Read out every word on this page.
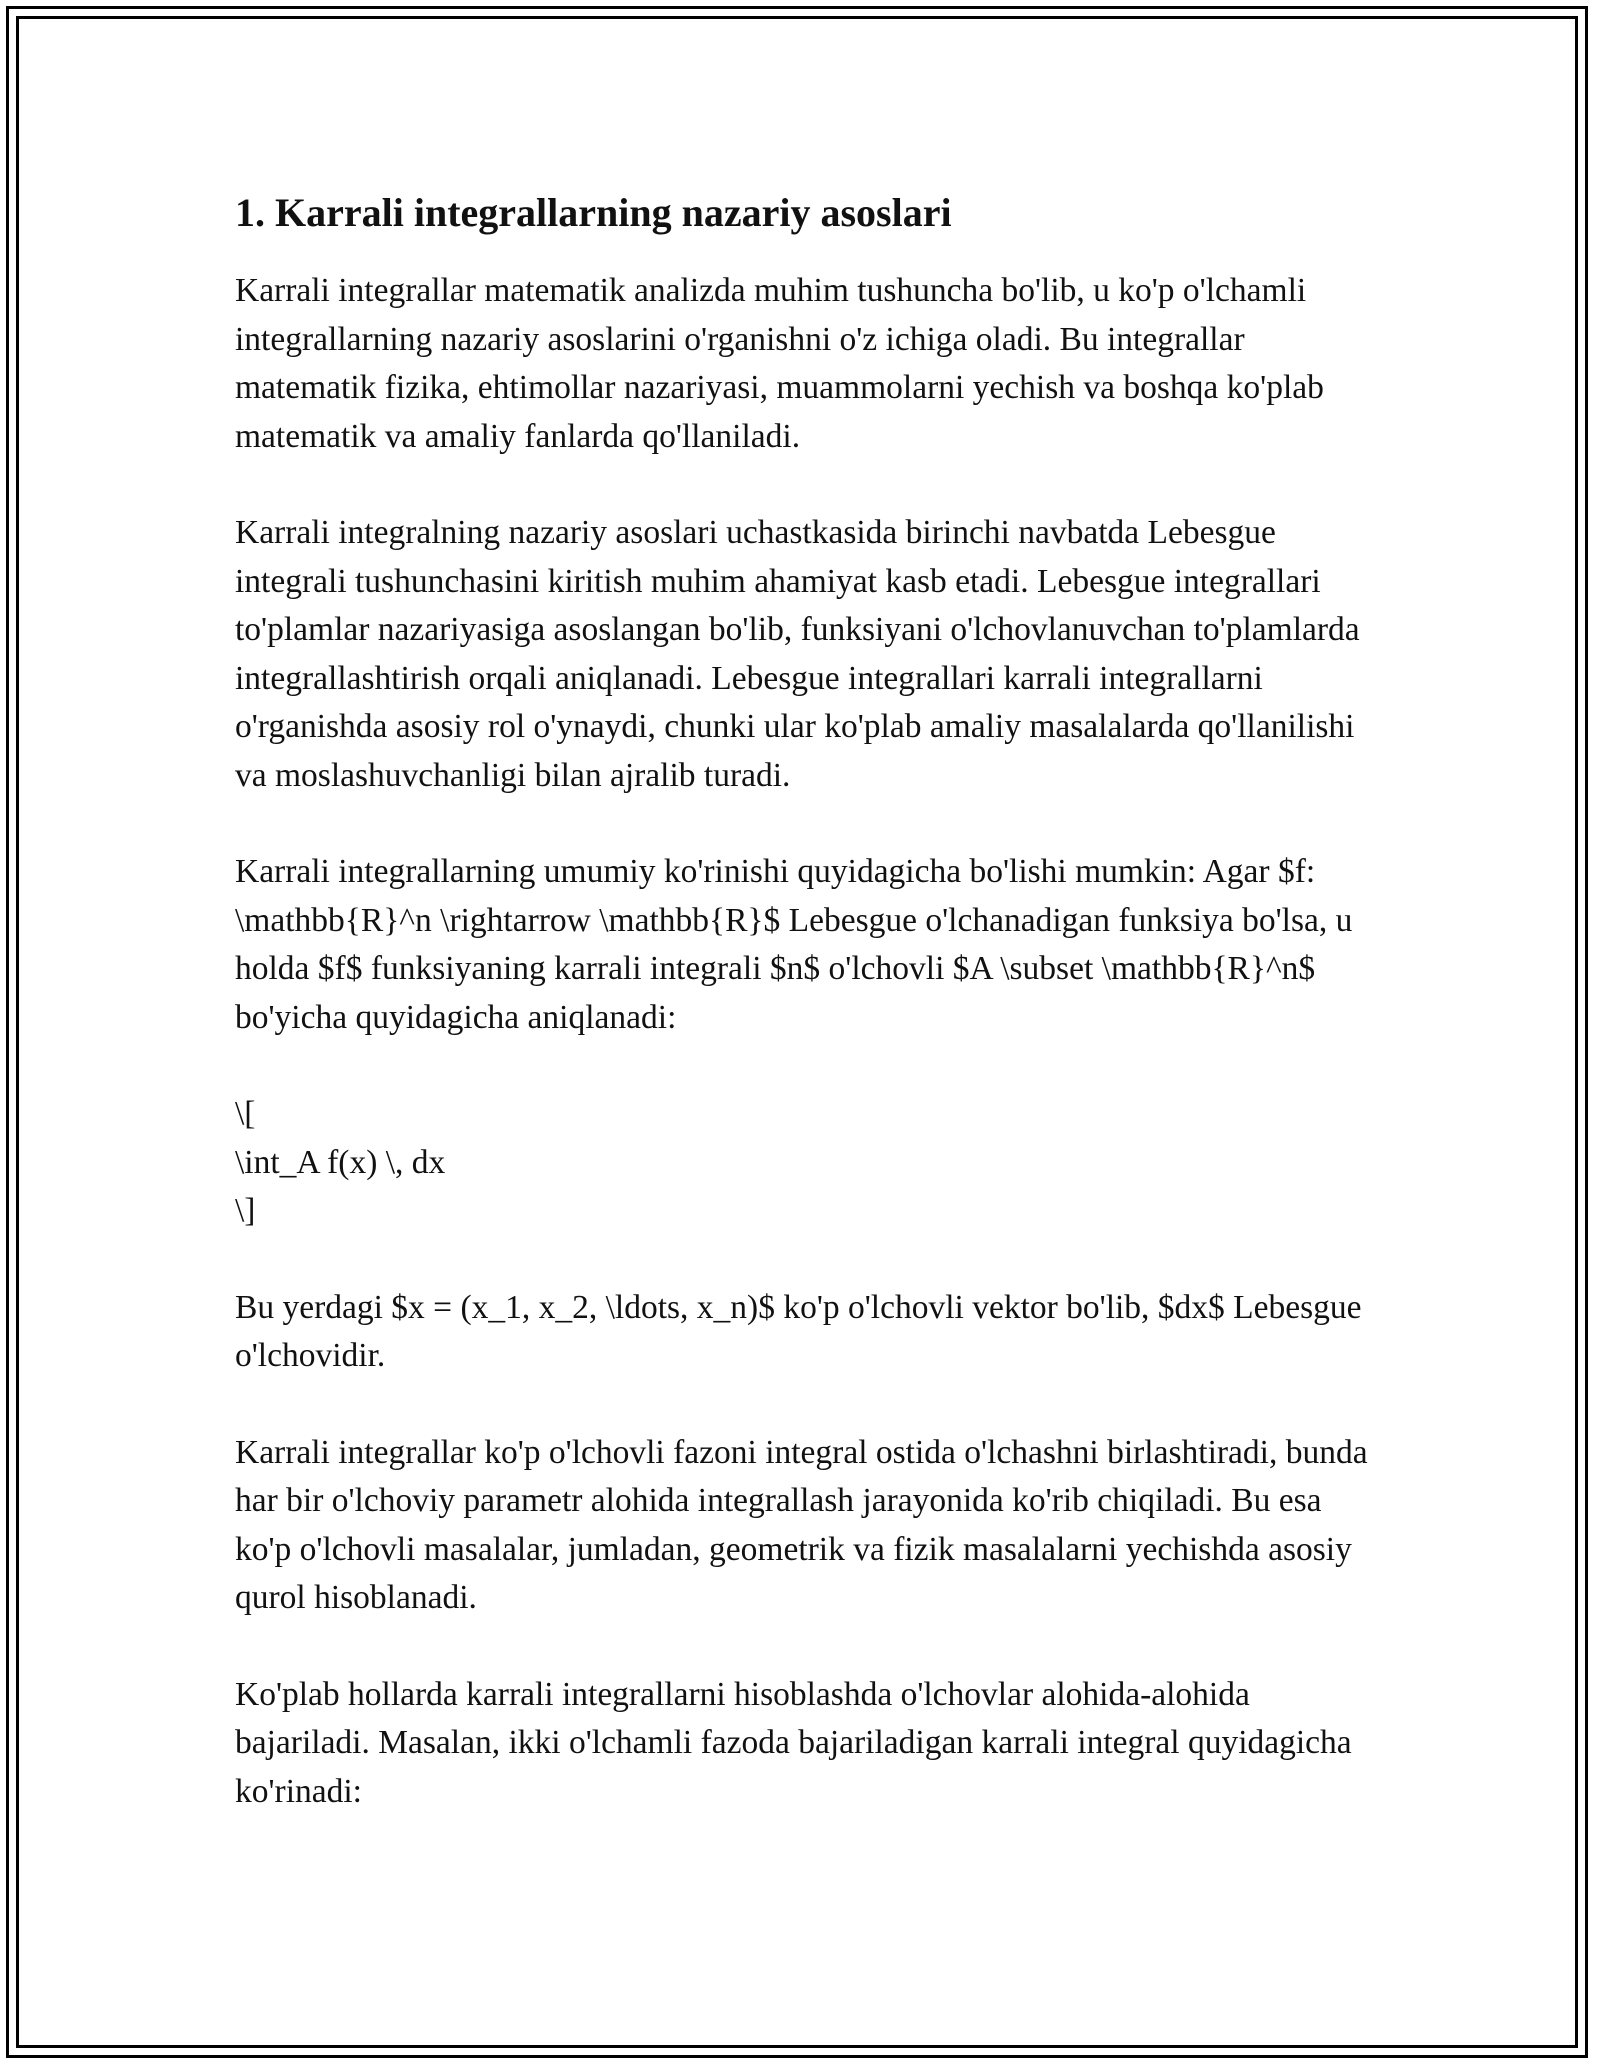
1. Karrali integrallarning nazariy asoslari

Karrali integrallar matematik analizda muhim tushuncha bo'lib, u ko'p o'lchamli integrallarning nazariy asoslarini o'rganishni o'z ichiga oladi. Bu integrallar matematik fizika, ehtimollar nazariyasi, muammolarni yechish va boshqa ko'plab matematik va amaliy fanlarda qo'llaniladi.

Karrali integralning nazariy asoslari uchastkasida birinchi navbatda Lebesgue integrali tushunchasini kiritish muhim ahamiyat kasb etadi. Lebesgue integrallari to'plamlar nazariyasiga asoslangan bo'lib, funksiyani o'lchovlanuvchan to'plamlarda integrallashtirish orqali aniqlanadi. Lebesgue integrallari karrali integrallarni o'rganishda asosiy rol o'ynaydi, chunki ular ko'plab amaliy masalalarda qo'llanilishi va moslashuvchanligi bilan ajralib turadi.

Karrali integrallarning umumiy ko'rinishi quyidagicha bo'lishi mumkin: Agar $f: \mathbb{R}^n \rightarrow \mathbb{R}$ Lebesgue o'lchanadigan funksiya bo'lsa, u holda $f$ funksiyaning karrali integrali $n$ o'lchovli $A \subset \mathbb{R}^n$ bo'yicha quyidagicha aniqlanadi:

\[
\int_A f(x) \, dx
\]

Bu yerdagi $x = (x_1, x_2, \ldots, x_n)$ ko'p o'lchovli vektor bo'lib, $dx$ Lebesgue o'lchovidir.

Karrali integrallar ko'p o'lchovli fazoni integral ostida o'lchashni birlashtiradi, bunda har bir o'lchoviy parametr alohida integrallash jarayonida ko'rib chiqiladi. Bu esa ko'p o'lchovli masalalar, jumladan, geometrik va fizik masalalarni yechishda asosiy qurol hisoblanadi.

Ko'plab hollarda karrali integrallarni hisoblashda o'lchovlar alohida-alohida bajariladi. Masalan, ikki o'lchamli fazoda bajariladigan karrali integral quyidagicha ko'rinadi:
